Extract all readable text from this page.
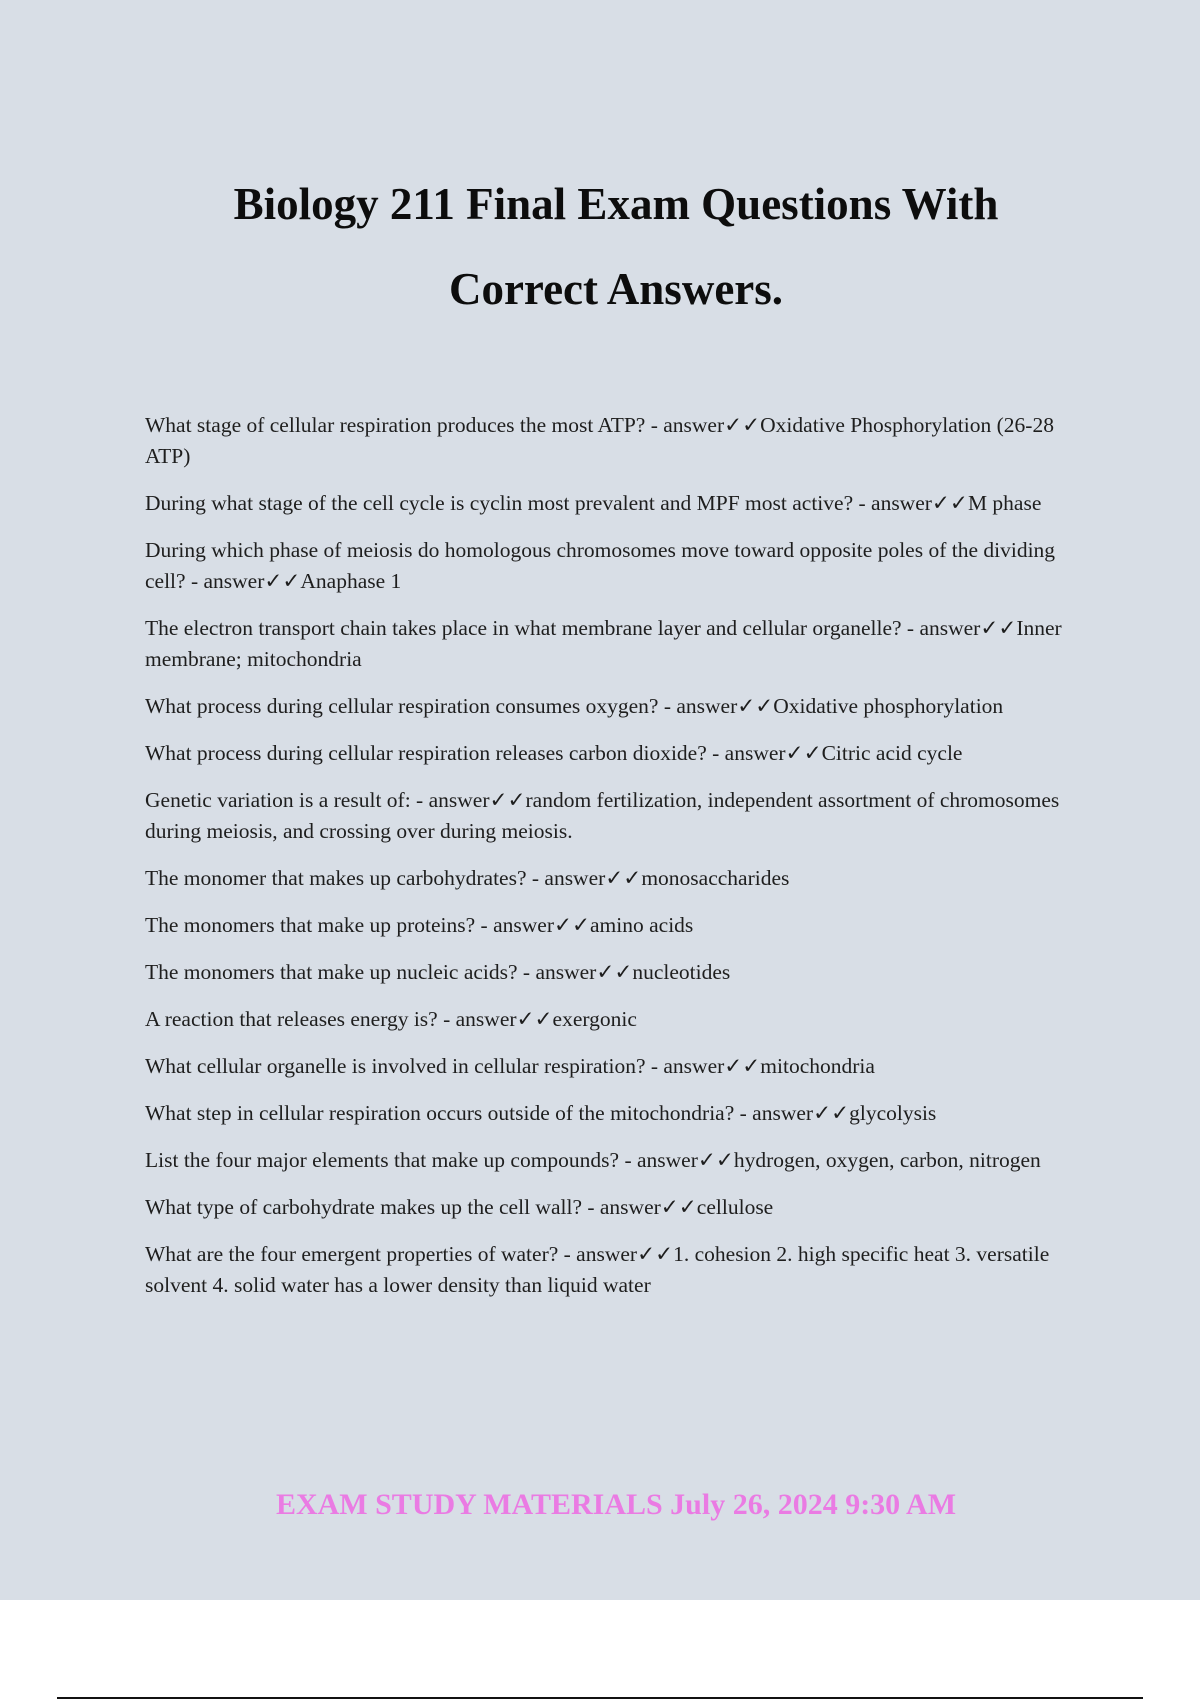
Biology 211 Final Exam Questions With
Correct Answers.
What stage of cellular respiration produces the most ATP? - answer✓✓Oxidative Phosphorylation (26-28 ATP)
During what stage of the cell cycle is cyclin most prevalent and MPF most active? - answer✓✓M phase
During which phase of meiosis do homologous chromosomes move toward opposite poles of the dividing cell? - answer✓✓Anaphase 1
The electron transport chain takes place in what membrane layer and cellular organelle? - answer✓✓Inner membrane; mitochondria
What process during cellular respiration consumes oxygen? - answer✓✓Oxidative phosphorylation
What process during cellular respiration releases carbon dioxide? - answer✓✓Citric acid cycle
Genetic variation is a result of: - answer✓✓random fertilization, independent assortment of chromosomes during meiosis, and crossing over during meiosis.
The monomer that makes up carbohydrates? - answer✓✓monosaccharides
The monomers that make up proteins? - answer✓✓amino acids
The monomers that make up nucleic acids? - answer✓✓nucleotides
A reaction that releases energy is? - answer✓✓exergonic
What cellular organelle is involved in cellular respiration? - answer✓✓mitochondria
What step in cellular respiration occurs outside of the mitochondria? - answer✓✓glycolysis
List the four major elements that make up compounds? - answer✓✓hydrogen, oxygen, carbon, nitrogen
What type of carbohydrate makes up the cell wall? - answer✓✓cellulose
What are the four emergent properties of water? - answer✓✓1. cohesion 2. high specific heat 3. versatile solvent 4. solid water has a lower density than liquid water
EXAM STUDY MATERIALS July 26, 2024 9:30 AM
